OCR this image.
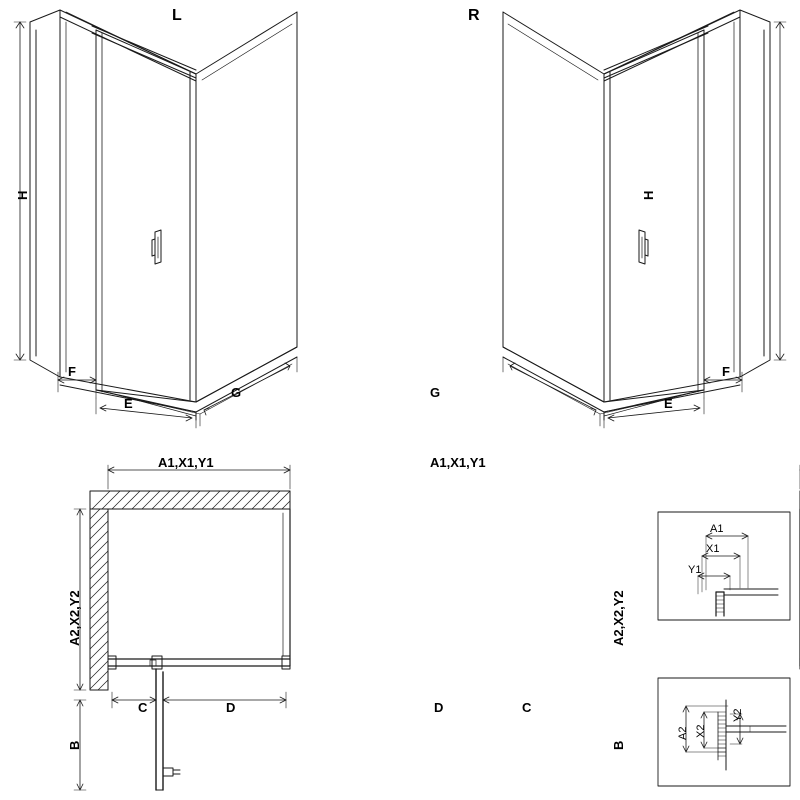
L	R
H
F
E
G
H
F
E
G
A1,X1,Y1
A2,X2,Y2
C	D
B
A1,X1,Y1
A2,X2,Y2
D	C
B
A1
X1
Y1
A2 X2
Y2
